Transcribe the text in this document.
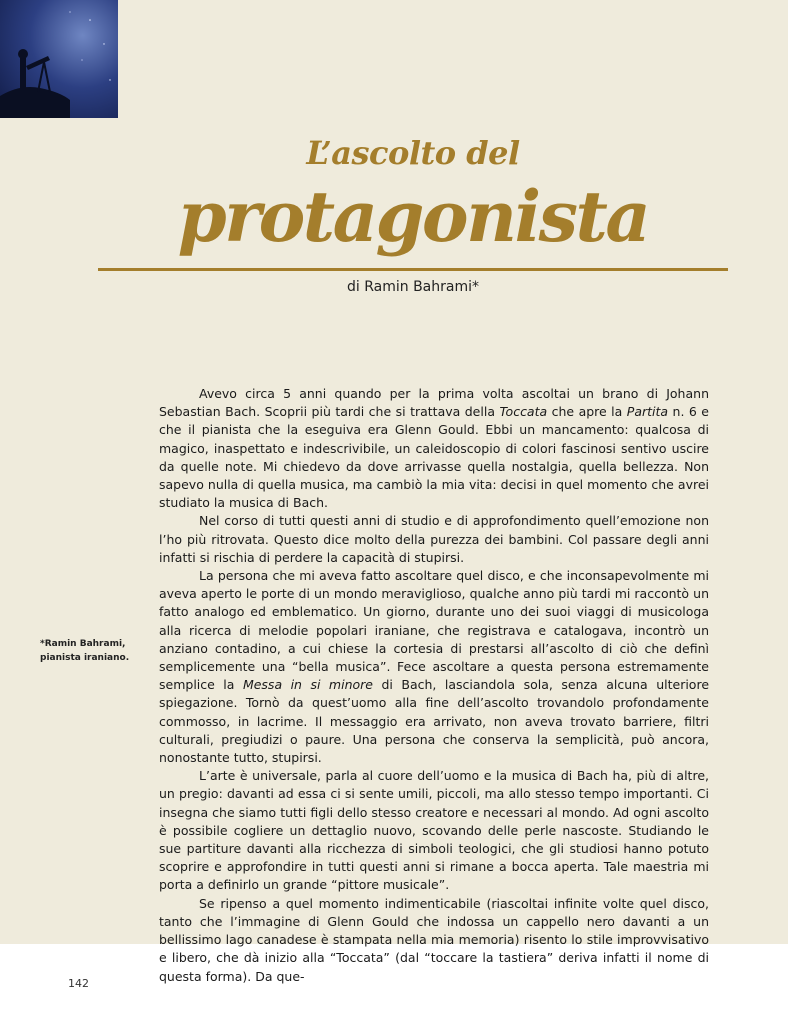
L’ascolto del
protagonista
di Ramin Bahrami*
*Ramin Bahrami,
pianista iraniano.

Avevo circa 5 anni quando per la prima volta ascoltai un brano di Johann Sebastian Bach. Scoprii più tardi che si trattava della Toccata che apre la Partita n. 6 e che il pianista che la eseguiva era Glenn Gould. Ebbi un mancamento: qualcosa di magico, inaspettato e indescrivibile, un caleidoscopio di colori fascinosi sentivo uscire da quelle note. Mi chiedevo da dove arrivasse quella nostalgia, quella bellezza. Non sapevo nulla di quella musica, ma cambiò la mia vita: decisi in quel momento che avrei studiato la musica di Bach.

Nel corso di tutti questi anni di studio e di approfondimento quell’emozione non l’ho più ritrovata. Questo dice molto della purezza dei bambini. Col passare degli anni infatti si rischia di perdere la capacità di stupirsi.

La persona che mi aveva fatto ascoltare quel disco, e che inconsapevolmente mi aveva aperto le porte di un mondo meraviglioso, qualche anno più tardi mi raccontò un fatto analogo ed emblematico. Un giorno, durante uno dei suoi viaggi di musicologa alla ricerca di melodie popolari iraniane, che registrava e catalogava, incontrò un anziano contadino, a cui chiese la cortesia di prestarsi all’ascolto di ciò che definì semplicemente una “bella musica”. Fece ascoltare a questa persona estremamente semplice la Messa in si minore di Bach, lasciandola sola, senza alcuna ulteriore spiegazione. Tornò da quest’uomo alla fine dell’ascolto trovandolo profondamente commosso, in lacrime. Il messaggio era arrivato, non aveva trovato barriere, filtri culturali, pregiudizi o paure. Una persona che conserva la semplicità, può ancora, nonostante tutto, stupirsi.

L’arte è universale, parla al cuore dell’uomo e la musica di Bach ha, più di altre, un pregio: davanti ad essa ci si sente umili, piccoli, ma allo stesso tempo importanti. Ci insegna che siamo tutti figli dello stesso creatore e necessari al mondo. Ad ogni ascolto è possibile cogliere un dettaglio nuovo, scovando delle perle nascoste. Studiando le sue partiture davanti alla ricchezza di simboli teologici, che gli studiosi hanno potuto scoprire e approfondire in tutti questi anni si rimane a bocca aperta. Tale maestria mi porta a definirlo un grande “pittore musicale”.

Se ripenso a quel momento indimenticabile (riascoltai infinite volte quel disco, tanto che l’immagine di Glenn Gould che indossa un cappello nero davanti a un bellissimo lago canadese è stampata nella mia memoria) risento lo stile improvvisativo e libero, che dà inizio alla “Toccata” (dal “toccare la tastiera” deriva infatti il nome di questa forma). Da que-

142
